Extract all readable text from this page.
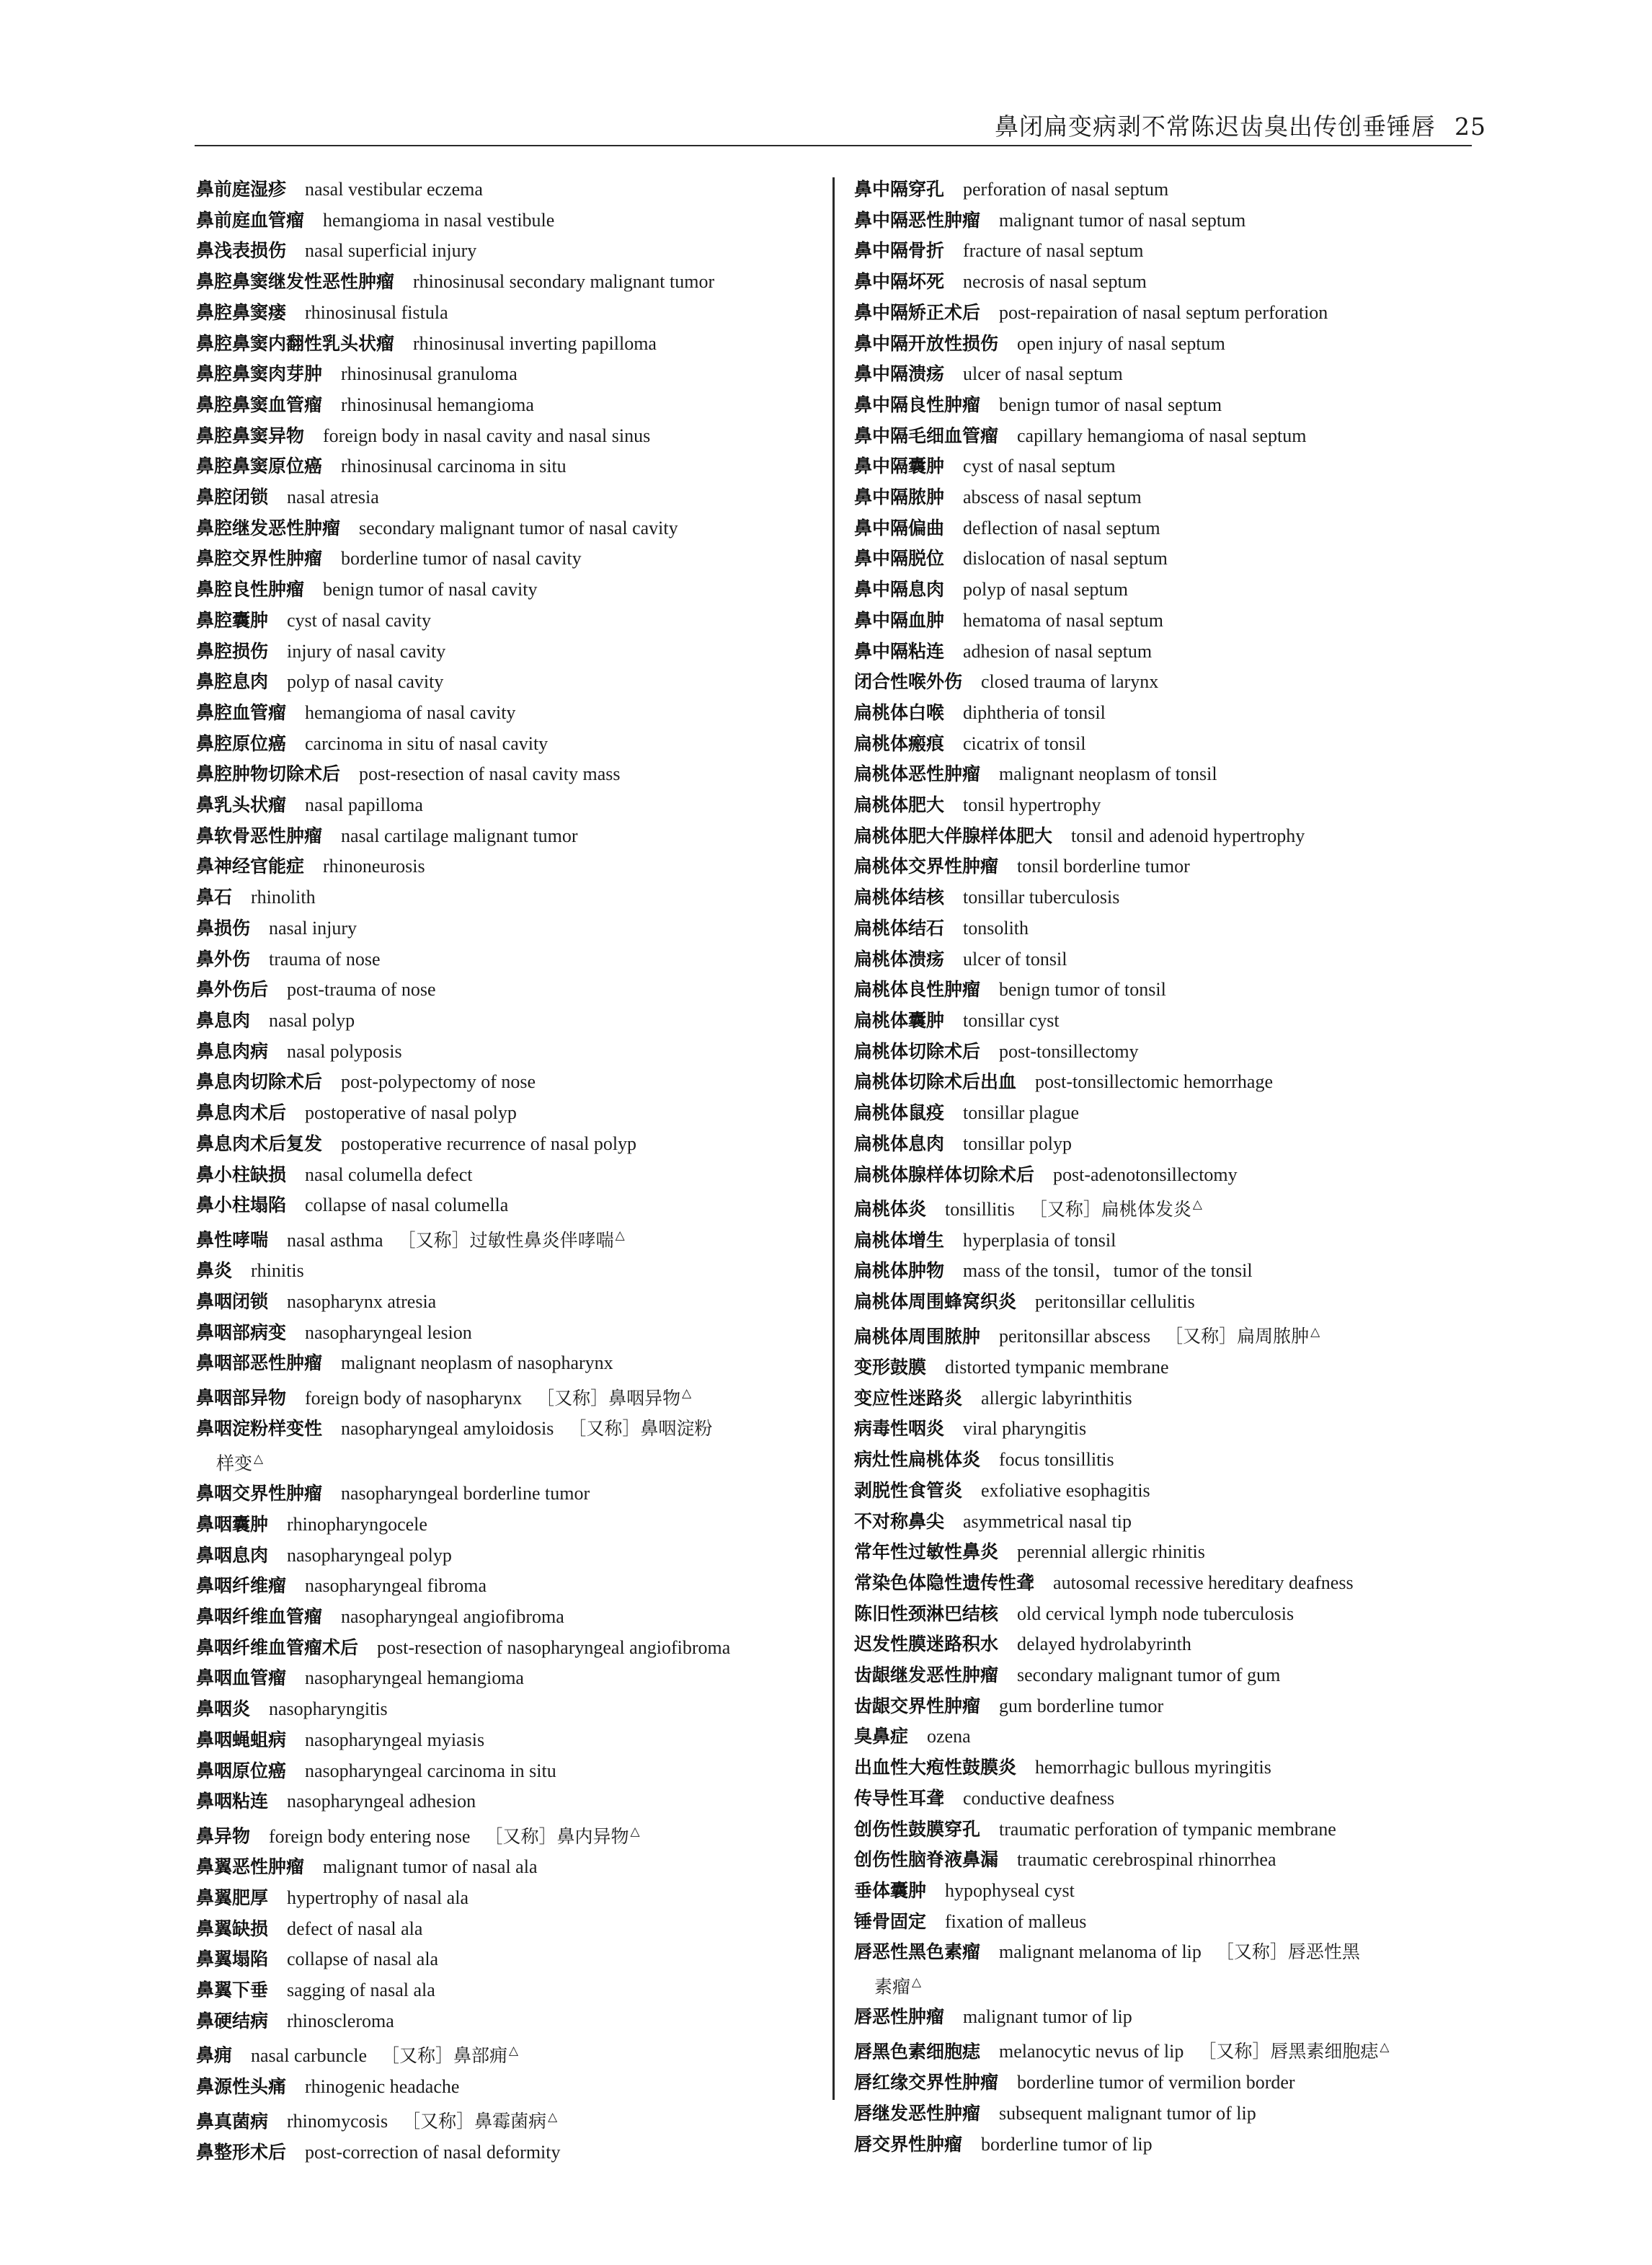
鼻闭扁变病剥不常陈迟齿臭出传创垂锤唇 25
鼻前庭湿疹 nasal vestibular eczema
鼻前庭血管瘤 hemangioma in nasal vestibule
鼻浅表损伤 nasal superficial injury
鼻腔鼻窦继发性恶性肿瘤 rhinosinusal secondary malignant tumor
鼻腔鼻窦瘘 rhinosinusal fistula
鼻腔鼻窦内翻性乳头状瘤 rhinosinusal inverting papilloma
鼻腔鼻窦肉芽肿 rhinosinusal granuloma
鼻腔鼻窦血管瘤 rhinosinusal hemangioma
鼻腔鼻窦异物 foreign body in nasal cavity and nasal sinus
鼻腔鼻窦原位癌 rhinosinusal carcinoma in situ
鼻腔闭锁 nasal atresia
鼻腔继发恶性肿瘤 secondary malignant tumor of nasal cavity
鼻腔交界性肿瘤 borderline tumor of nasal cavity
鼻腔良性肿瘤 benign tumor of nasal cavity
鼻腔囊肿 cyst of nasal cavity
鼻腔损伤 injury of nasal cavity
鼻腔息肉 polyp of nasal cavity
鼻腔血管瘤 hemangioma of nasal cavity
鼻腔原位癌 carcinoma in situ of nasal cavity
鼻腔肿物切除术后 post-resection of nasal cavity mass
鼻乳头状瘤 nasal papilloma
鼻软骨恶性肿瘤 nasal cartilage malignant tumor
鼻神经官能症 rhinoneurosis
鼻石 rhinolith
鼻损伤 nasal injury
鼻外伤 trauma of nose
鼻外伤后 post-trauma of nose
鼻息肉 nasal polyp
鼻息肉病 nasal polyposis
鼻息肉切除术后 post-polypectomy of nose
鼻息肉术后 postoperative of nasal polyp
鼻息肉术后复发 postoperative recurrence of nasal polyp
鼻小柱缺损 nasal columella defect
鼻小柱塌陷 collapse of nasal columella
鼻性哮喘 nasal asthma ［又称］过敏性鼻炎伴哮喘 △
鼻炎 rhinitis
鼻咽闭锁 nasopharynx atresia
鼻咽部病变 nasopharyngeal lesion
鼻咽部恶性肿瘤 malignant neoplasm of nasopharynx
鼻咽部异物 foreign body of nasopharynx ［又称］鼻咽异物 △
鼻咽淀粉样变性 nasopharyngeal amyloidosis ［又称］鼻咽淀粉
样变 △
鼻咽交界性肿瘤 nasopharyngeal borderline tumor
鼻咽囊肿 rhinopharyngocele
鼻咽息肉 nasopharyngeal polyp
鼻咽纤维瘤 nasopharyngeal fibroma
鼻咽纤维血管瘤 nasopharyngeal angiofibroma
鼻咽纤维血管瘤术后 post-resection of nasopharyngeal angiofibroma
鼻咽血管瘤 nasopharyngeal hemangioma
鼻咽炎 nasopharyngitis
鼻咽蝇蛆病 nasopharyngeal myiasis
鼻咽原位癌 nasopharyngeal carcinoma in situ
鼻咽粘连 nasopharyngeal adhesion
鼻异物 foreign body entering nose ［又称］鼻内异物 △
鼻翼恶性肿瘤 malignant tumor of nasal ala
鼻翼肥厚 hypertrophy of nasal ala
鼻翼缺损 defect of nasal ala
鼻翼塌陷 collapse of nasal ala
鼻翼下垂 sagging of nasal ala
鼻硬结病 rhinoscleroma
鼻痈 nasal carbuncle ［又称］鼻部痈 △
鼻源性头痛 rhinogenic headache
鼻真菌病 rhinomycosis ［又称］鼻霉菌病 △
鼻整形术后 post-correction of nasal deformity
鼻中隔穿孔 perforation of nasal septum
鼻中隔恶性肿瘤 malignant tumor of nasal septum
鼻中隔骨折 fracture of nasal septum
鼻中隔坏死 necrosis of nasal septum
鼻中隔矫正术后 post-repairation of nasal septum perforation
鼻中隔开放性损伤 open injury of nasal septum
鼻中隔溃疡 ulcer of nasal septum
鼻中隔良性肿瘤 benign tumor of nasal septum
鼻中隔毛细血管瘤 capillary hemangioma of nasal septum
鼻中隔囊肿 cyst of nasal septum
鼻中隔脓肿 abscess of nasal septum
鼻中隔偏曲 deflection of nasal septum
鼻中隔脱位 dislocation of nasal septum
鼻中隔息肉 polyp of nasal septum
鼻中隔血肿 hematoma of nasal septum
鼻中隔粘连 adhesion of nasal septum
闭合性喉外伤 closed trauma of larynx
扁桃体白喉 diphtheria of tonsil
扁桃体瘢痕 cicatrix of tonsil
扁桃体恶性肿瘤 malignant neoplasm of tonsil
扁桃体肥大 tonsil hypertrophy
扁桃体肥大伴腺样体肥大 tonsil and adenoid hypertrophy
扁桃体交界性肿瘤 tonsil borderline tumor
扁桃体结核 tonsillar tuberculosis
扁桃体结石 tonsolith
扁桃体溃疡 ulcer of tonsil
扁桃体良性肿瘤 benign tumor of tonsil
扁桃体囊肿 tonsillar cyst
扁桃体切除术后 post-tonsillectomy
扁桃体切除术后出血 post-tonsillectomic hemorrhage
扁桃体鼠疫 tonsillar plague
扁桃体息肉 tonsillar polyp
扁桃体腺样体切除术后 post-adenotonsillectomy
扁桃体炎 tonsillitis ［又称］扁桃体发炎 △
扁桃体增生 hyperplasia of tonsil
扁桃体肿物 mass of the tonsil，tumor of the tonsil
扁桃体周围蜂窝织炎 peritonsillar cellulitis
扁桃体周围脓肿 peritonsillar abscess ［又称］扁周脓肿 △
变形鼓膜 distorted tympanic membrane
变应性迷路炎 allergic labyrinthitis
病毒性咽炎 viral pharyngitis
病灶性扁桃体炎 focus tonsillitis
剥脱性食管炎 exfoliative esophagitis
不对称鼻尖 asymmetrical nasal tip
常年性过敏性鼻炎 perennial allergic rhinitis
常染色体隐性遗传性聋 autosomal recessive hereditary deafness
陈旧性颈淋巴结核 old cervical lymph node tuberculosis
迟发性膜迷路积水 delayed hydrolabyrinth
齿龈继发恶性肿瘤 secondary malignant tumor of gum
齿龈交界性肿瘤 gum borderline tumor
臭鼻症 ozena
出血性大疱性鼓膜炎 hemorrhagic bullous myringitis
传导性耳聋 conductive deafness
创伤性鼓膜穿孔 traumatic perforation of tympanic membrane
创伤性脑脊液鼻漏 traumatic cerebrospinal rhinorrhea
垂体囊肿 hypophyseal cyst
锤骨固定 fixation of malleus
唇恶性黑色素瘤 malignant melanoma of lip ［又称］唇恶性黑
素瘤 △
唇恶性肿瘤 malignant tumor of lip
唇黑色素细胞痣 melanocytic nevus of lip ［又称］唇黑素细胞痣 △
唇红缘交界性肿瘤 borderline tumor of vermilion border
唇继发恶性肿瘤 subsequent malignant tumor of lip
唇交界性肿瘤 borderline tumor of lip
